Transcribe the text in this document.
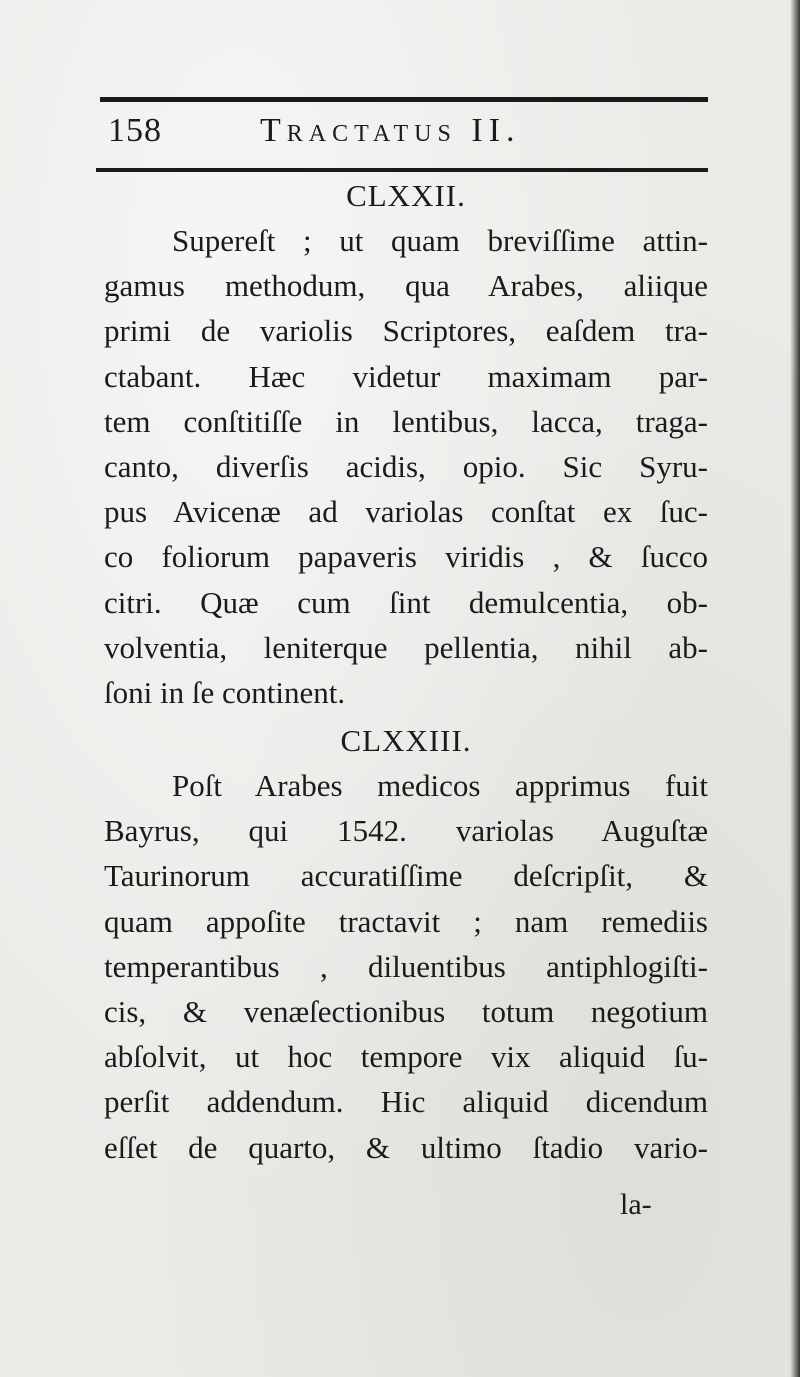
158	Tractatus II.
CLXXII.
Supereſt ; ut quam breviſſime attin-
gamus methodum, qua Arabes, aliique
primi de variolis Scriptores, eaſdem tra-
ctabant. Hæc videtur maximam par-
tem conſtitiſſe in lentibus, lacca, traga-
canto, diverſis acidis, opio. Sic Syru-
pus Avicenæ ad variolas conſtat ex ſuc-
co foliorum papaveris viridis , & ſucco
citri. Quæ cum ſint demulcentia, ob-
volventia, leniterque pellentia, nihil ab-
ſoni in ſe continent.
CLXXIII.
Poſt Arabes medicos apprimus fuit
Bayrus, qui 1542. variolas Auguſtæ
Taurinorum accuratiſſime deſcripſit, &
quam appoſite tractavit ; nam remediis
temperantibus , diluentibus antiphlogiſti-
cis, & venæſectionibus totum negotium
abſolvit, ut hoc tempore vix aliquid ſu-
perſit addendum. Hic aliquid dicendum
eſſet de quarto, & ultimo ſtadio vario-
la-
